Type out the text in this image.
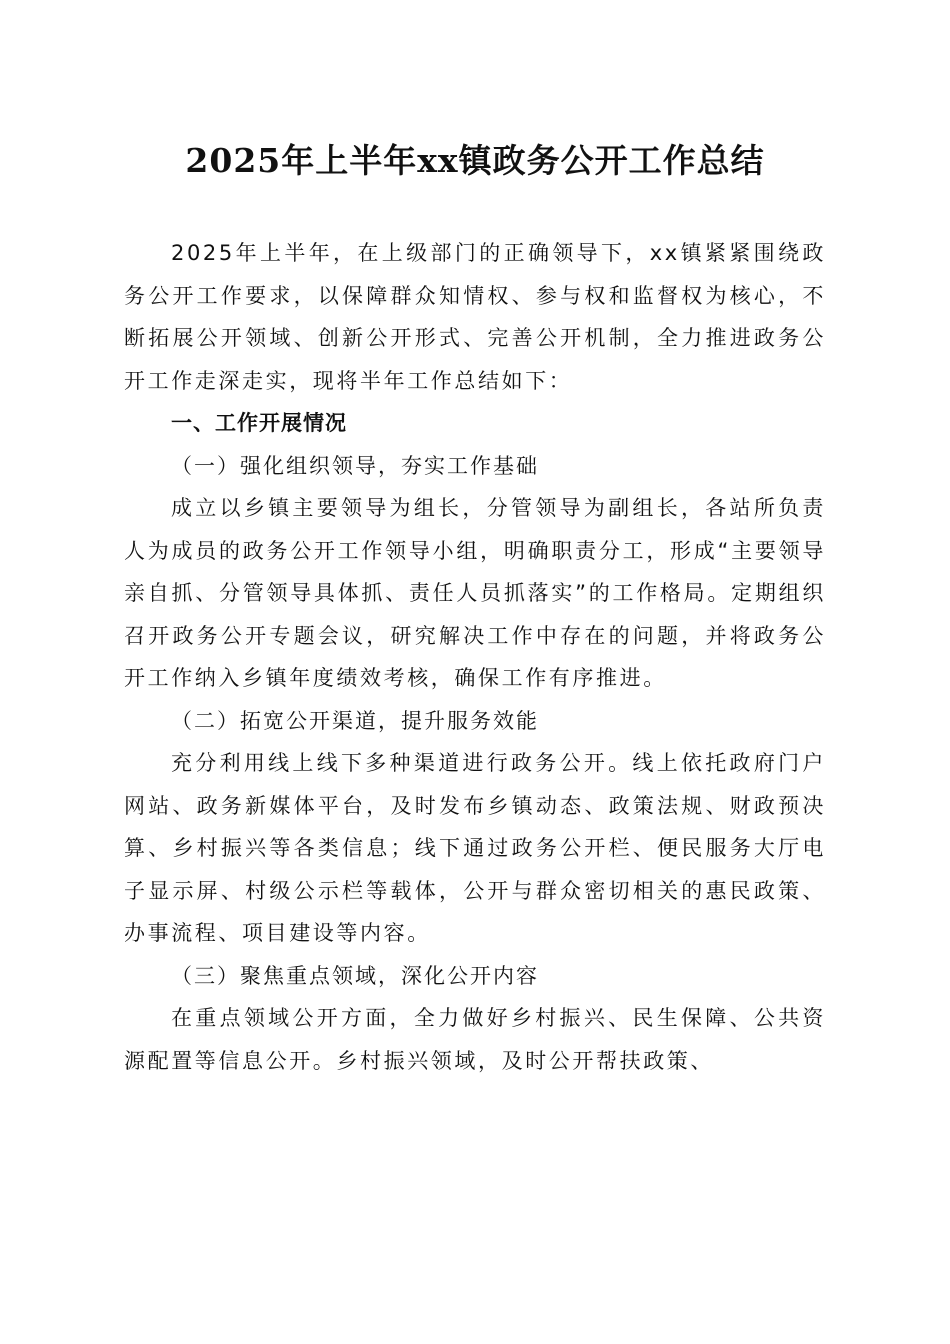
2025年上半年xx镇政务公开工作总结

2025年上半年，在上级部门的正确领导下，xx镇紧紧围绕政务公开工作要求，以保障群众知情权、参与权和监督权为核心，不断拓展公开领域、创新公开形式、完善公开机制，全力推进政务公开工作走深走实，现将半年工作总结如下：

一、工作开展情况

（一）强化组织领导，夯实工作基础

成立以乡镇主要领导为组长，分管领导为副组长，各站所负责人为成员的政务公开工作领导小组，明确职责分工，形成“主要领导亲自抓、分管领导具体抓、责任人员抓落实”的工作格局。定期组织召开政务公开专题会议，研究解决工作中存在的问题，并将政务公开工作纳入乡镇年度绩效考核，确保工作有序推进。

（二）拓宽公开渠道，提升服务效能

充分利用线上线下多种渠道进行政务公开。线上依托政府门户网站、政务新媒体平台，及时发布乡镇动态、政策法规、财政预决算、乡村振兴等各类信息；线下通过政务公开栏、便民服务大厅电子显示屏、村级公示栏等载体，公开与群众密切相关的惠民政策、办事流程、项目建设等内容。

（三）聚焦重点领域，深化公开内容

在重点领域公开方面，全力做好乡村振兴、民生保障、公共资源配置等信息公开。乡村振兴领域，及时公开帮扶政策、
